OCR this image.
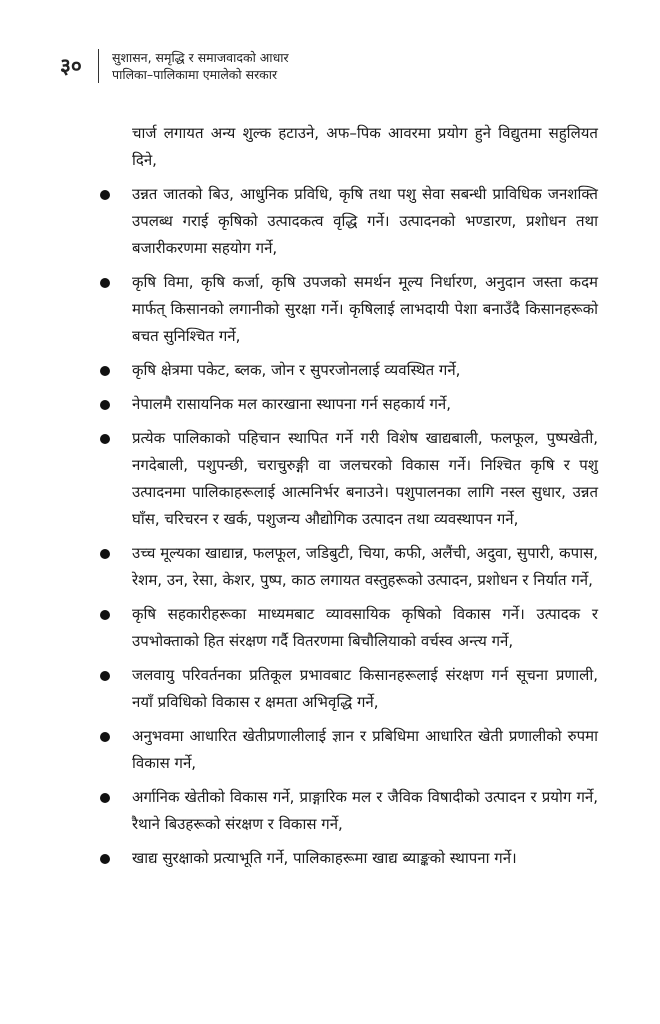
३०	सुशासन, समृद्धि र समाजवादको आधार
पालिका–पालिकामा एमालेको सरकार

चार्ज लगायत अन्य शुल्क हटाउने, अफ–पिक आवरमा प्रयोग हुने विद्युतमा सहुलियत दिने,

उन्नत जातको बिउ, आधुनिक प्रविधि, कृषि तथा पशु सेवा सबन्धी प्राविधिक जनशक्ति उपलब्ध गराई कृषिको उत्पादकत्व वृद्धि गर्ने। उत्पादनको भण्डारण, प्रशोधन तथा बजारीकरणमा सहयोग गर्ने,
कृषि विमा, कृषि कर्जा, कृषि उपजको समर्थन मूल्य निर्धारण, अनुदान जस्ता कदम मार्फत् किसानको लगानीको सुरक्षा गर्ने। कृषिलाई लाभदायी पेशा बनाउँदै किसानहरूको बचत सुनिश्चित गर्ने,
कृषि क्षेत्रमा पकेट, ब्लक, जोन र सुपरजोनलाई व्यवस्थित गर्ने,
नेपालमै रासायनिक मल कारखाना स्थापना गर्न सहकार्य गर्ने,
प्रत्येक पालिकाको पहिचान स्थापित गर्ने गरी विशेष खाद्यबाली, फलफूल, पुष्पखेती, नगदेबाली, पशुपन्छी, चराचुरुङ्गी वा जलचरको विकास गर्ने। निश्चित कृषि र पशु उत्पादनमा पालिकाहरूलाई आत्मनिर्भर बनाउने। पशुपालनका लागि नस्ल सुधार, उन्नत घाँस, चरिचरन र खर्क, पशुजन्य औद्योगिक उत्पादन तथा व्यवस्थापन गर्ने,
उच्च मूल्यका खाद्यान्न, फलफूल, जडिबुटी, चिया, कफी, अलैंची, अदुवा, सुपारी, कपास, रेशम, उन, रेसा, केशर, पुष्प, काठ लगायत वस्तुहरूको उत्पादन, प्रशोधन र निर्यात गर्ने,
कृषि सहकारीहरूका माध्यमबाट व्यावसायिक कृषिको विकास गर्ने। उत्पादक र उपभोक्ताको हित संरक्षण गर्दै वितरणमा बिचौलियाको वर्चस्व अन्त्य गर्ने,
जलवायु परिवर्तनका प्रतिकूल प्रभावबाट किसानहरूलाई संरक्षण गर्न सूचना प्रणाली, नयाँ प्रविधिको विकास र क्षमता अभिवृद्धि गर्ने,
अनुभवमा आधारित खेतीप्रणालीलाई ज्ञान र प्रबिधिमा आधारित खेती प्रणालीको रुपमा विकास गर्ने,
अर्गानिक खेतीको विकास गर्ने, प्राङ्गारिक मल र जैविक विषादीको उत्पादन र प्रयोग गर्ने, रैथाने बिउहरूको संरक्षण र विकास गर्ने,
खाद्य सुरक्षाको प्रत्याभूति गर्ने, पालिकाहरूमा खाद्य ब्याङ्कको स्थापना गर्ने।
